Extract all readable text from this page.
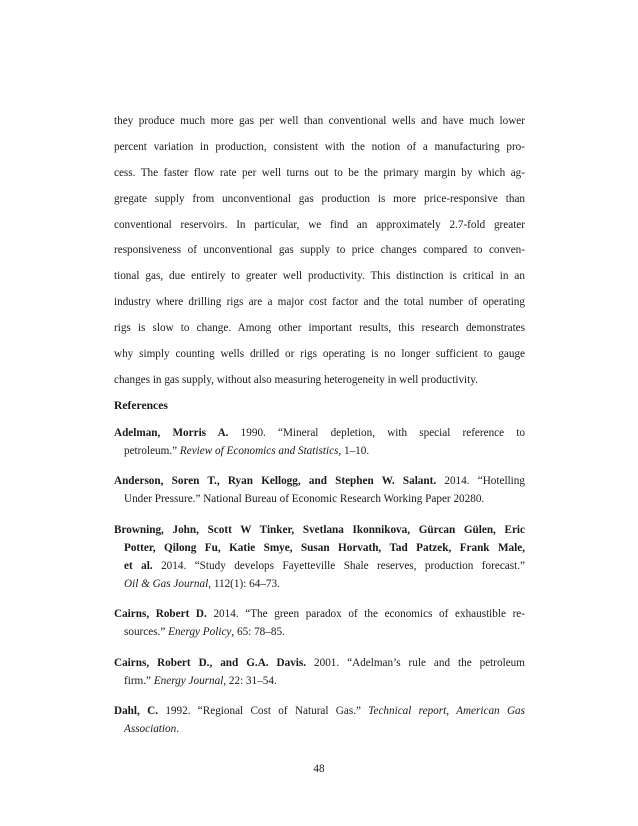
they produce much more gas per well than conventional wells and have much lower
percent variation in production, consistent with the notion of a manufacturing pro-
cess. The faster flow rate per well turns out to be the primary margin by which ag-
gregate supply from unconventional gas production is more price-responsive than
conventional reservoirs. In particular, we find an approximately 2.7-fold greater
responsiveness of unconventional gas supply to price changes compared to conven-
tional gas, due entirely to greater well productivity. This distinction is critical in an
industry where drilling rigs are a major cost factor and the total number of operating
rigs is slow to change. Among other important results, this research demonstrates
why simply counting wells drilled or rigs operating is no longer sufficient to gauge
changes in gas supply, without also measuring heterogeneity in well productivity.
References
Adelman, Morris A. 1990. “Mineral depletion, with special reference to
petroleum.” Review of Economics and Statistics, 1–10.
Anderson, Soren T., Ryan Kellogg, and Stephen W. Salant. 2014. “Hotelling
Under Pressure.” National Bureau of Economic Research Working Paper 20280.
Browning, John, Scott W Tinker, Svetlana Ikonnikova, Gürcan Gülen, Eric
Potter, Qilong Fu, Katie Smye, Susan Horvath, Tad Patzek, Frank Male,
et al. 2014. “Study develops Fayetteville Shale reserves, production forecast.”
Oil & Gas Journal, 112(1): 64–73.
Cairns, Robert D. 2014. “The green paradox of the economics of exhaustible re-
sources.” Energy Policy, 65: 78–85.
Cairns, Robert D., and G.A. Davis. 2001. “Adelman’s rule and the petroleum
firm.” Energy Journal, 22: 31–54.
Dahl, C. 1992. “Regional Cost of Natural Gas.” Technical report, American Gas
Association.
48
